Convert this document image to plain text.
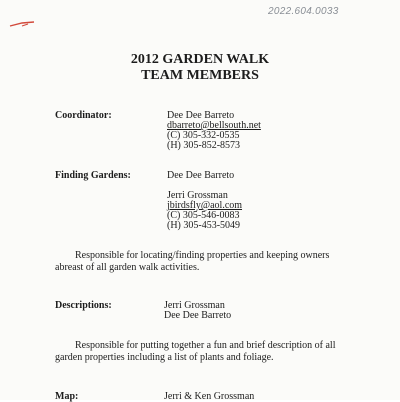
2022.604.0033
2012 GARDEN WALK
TEAM MEMBERS
Coordinator:	Dee Dee Barreto
dbarreto@bellsouth.net
(C) 305-332-0535
(H) 305-852-8573
Finding Gardens:	Dee Dee Barreto
Jerri Grossman
jbirdsfly@aol.com
(C) 305-546-0083
(H) 305-453-5049
Responsible for locating/finding properties and keeping owners abreast of all garden walk activities.
Descriptions:	Jerri Grossman
Dee Dee Barreto
Responsible for putting together a fun and brief description of all garden properties including a list of plants and foliage.
Map:	Jerri & Ken Grossman
